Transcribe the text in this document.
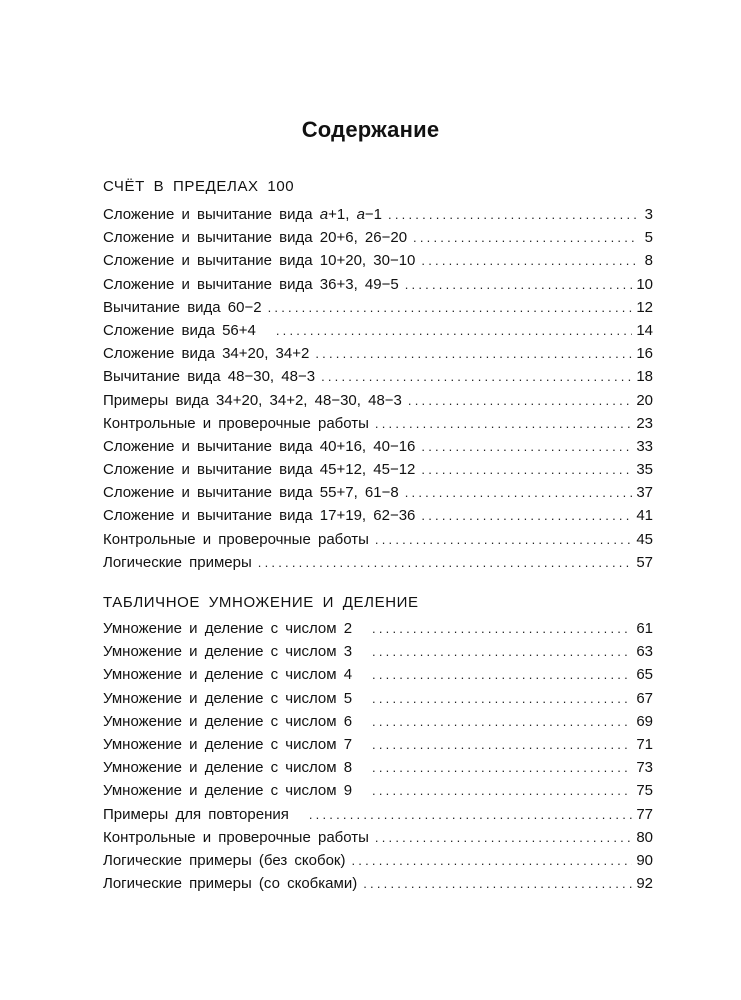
Содержание
СЧЁТ В ПРЕДЕЛАХ 100
Сложение и вычитание вида а+1, а−1 .....	3
Сложение и вычитание вида 20+6, 26−20 .....	5
Сложение и вычитание вида 10+20, 30−10 .....	8
Сложение и вычитание вида 36+3, 49−5 .....	10
Вычитание вида 60−2 .....	12
Сложение вида 56+4 .....	14
Сложение вида 34+20, 34+2 .....	16
Вычитание вида 48−30, 48−3 .....	18
Примеры вида 34+20, 34+2, 48−30, 48−3 .....	20
Контрольные и проверочные работы .....	23
Сложение и вычитание вида 40+16, 40−16 .....	33
Сложение и вычитание вида 45+12, 45−12 .....	35
Сложение и вычитание вида 55+7, 61−8 .....	37
Сложение и вычитание вида 17+19, 62−36 .....	41
Контрольные и проверочные работы .....	45
Логические примеры .....	57
ТАБЛИЧНОЕ УМНОЖЕНИЕ И ДЕЛЕНИЕ
Умножение и деление с числом 2 .....	61
Умножение и деление с числом 3 .....	63
Умножение и деление с числом 4 .....	65
Умножение и деление с числом 5 .....	67
Умножение и деление с числом 6 .....	69
Умножение и деление с числом 7 .....	71
Умножение и деление с числом 8 .....	73
Умножение и деление с числом 9 .....	75
Примеры для повторения .....	77
Контрольные и проверочные работы .....	80
Логические примеры (без скобок) .....	90
Логические примеры (со скобками) .....	92
